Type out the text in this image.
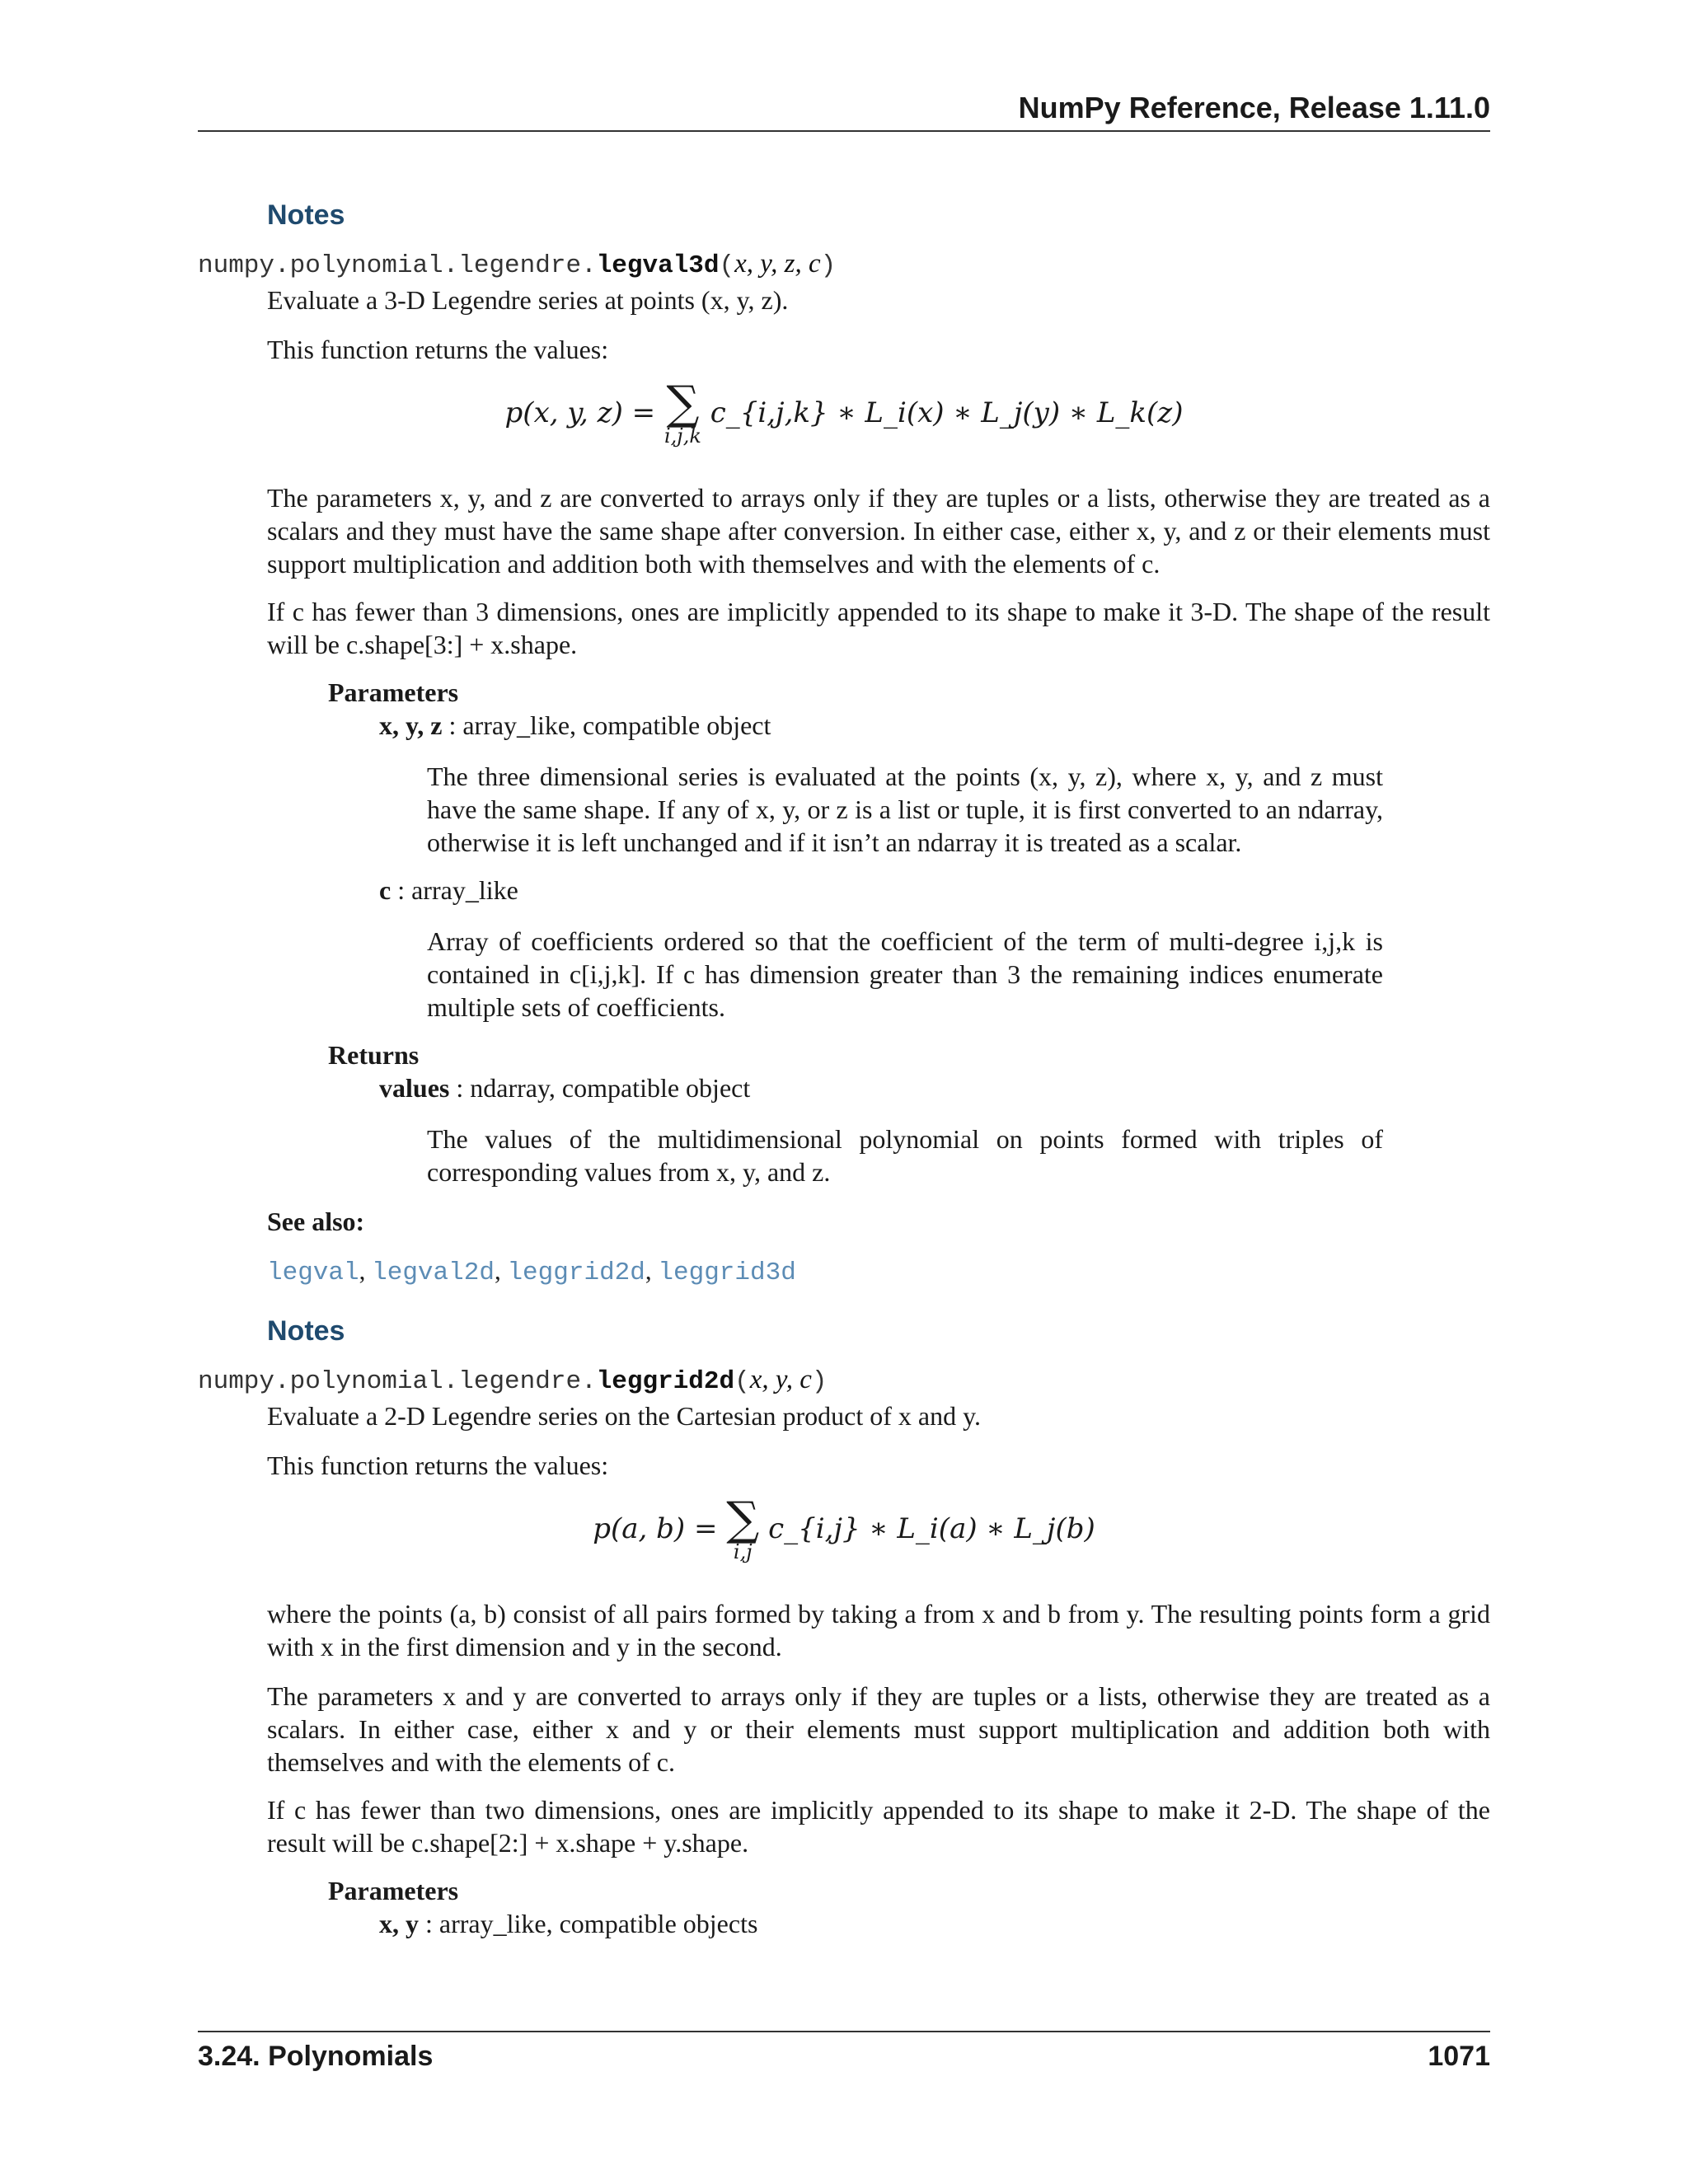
NumPy Reference, Release 1.11.0
Notes
numpy.polynomial.legendre.legval3d(x, y, z, c)
Evaluate a 3-D Legendre series at points (x, y, z).
This function returns the values:
p(x, y, z) = ∑
i,j,k
c_{i,j,k} ∗ L_i(x) ∗ L_j(y) ∗ L_k(z)
The parameters x, y, and z are converted to arrays only if they are tuples or a lists, otherwise they are treated as a scalars and they must have the same shape after conversion. In either case, either x, y, and z or their elements must support multiplication and addition both with themselves and with the elements of c.
If c has fewer than 3 dimensions, ones are implicitly appended to its shape to make it 3-D. The shape of the result will be c.shape[3:] + x.shape.
Parameters
x, y, z : array_like, compatible object
The three dimensional series is evaluated at the points (x, y, z), where x, y, and z must have the same shape. If any of x, y, or z is a list or tuple, it is first converted to an ndarray, otherwise it is left unchanged and if it isn’t an ndarray it is treated as a scalar.
c : array_like
Array of coefficients ordered so that the coefficient of the term of multi-degree i,j,k is contained in c[i,j,k]. If c has dimension greater than 3 the remaining indices enumerate multiple sets of coefficients.
Returns
values : ndarray, compatible object
The values of the multidimensional polynomial on points formed with triples of corresponding values from x, y, and z.
See also:
legval, legval2d, leggrid2d, leggrid3d
Notes
numpy.polynomial.legendre.leggrid2d(x, y, c)
Evaluate a 2-D Legendre series on the Cartesian product of x and y.
This function returns the values:
p(a, b) = ∑
i,j
c_{i,j} ∗ L_i(a) ∗ L_j(b)
where the points (a, b) consist of all pairs formed by taking a from x and b from y. The resulting points form a grid with x in the first dimension and y in the second.
The parameters x and y are converted to arrays only if they are tuples or a lists, otherwise they are treated as a scalars. In either case, either x and y or their elements must support multiplication and addition both with themselves and with the elements of c.
If c has fewer than two dimensions, ones are implicitly appended to its shape to make it 2-D. The shape of the result will be c.shape[2:] + x.shape + y.shape.
Parameters
x, y : array_like, compatible objects
3.24. Polynomials	1071
